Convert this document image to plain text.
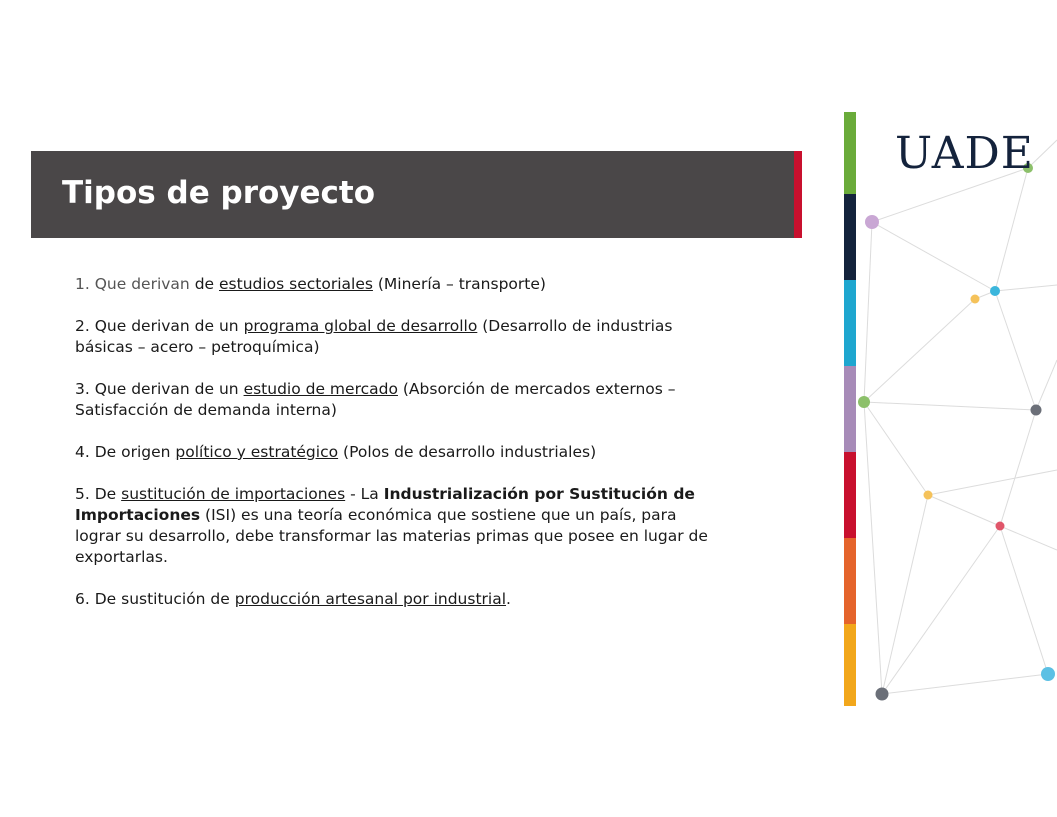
Tipos de proyecto

1. Que derivan de estudios sectoriales (Minería – transporte)

2. Que derivan de un programa global de desarrollo (Desarrollo de industrias básicas – acero – petroquímica)

3. Que derivan de un estudio de mercado (Absorción de mercados externos –Satisfacción de demanda interna)

4. De origen político y estratégico (Polos de desarrollo industriales)

5. De sustitución de importaciones - La Industrialización por Sustitución de Importaciones (ISI) es una teoría económica que sostiene que un país, para lograr su desarrollo, debe transformar las materias primas que posee en lugar de exportarlas.

6. De sustitución de producción artesanal por industrial.

UADE
